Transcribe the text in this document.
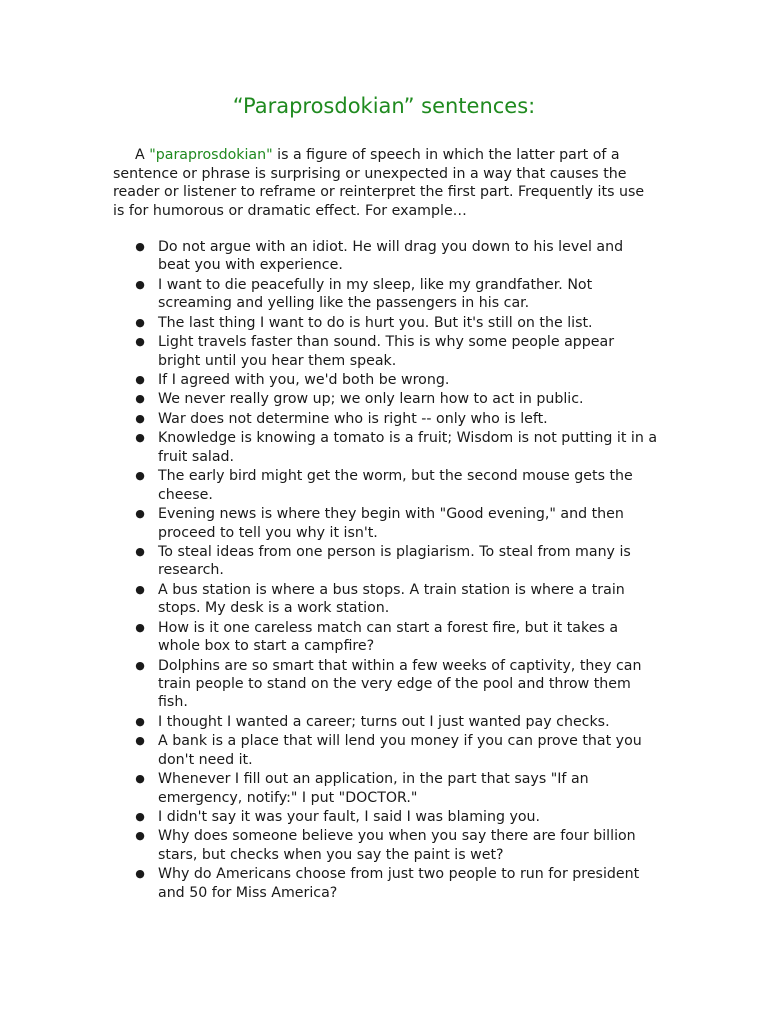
“Paraprosdokian” sentences:

A "paraprosdokian" is a figure of speech in which the latter part of a sentence or phrase is surprising or unexpected in a way that causes the reader or listener to reframe or reinterpret the first part. Frequently its use is for humorous or dramatic effect. For example…

● Do not argue with an idiot. He will drag you down to his level and beat you with experience.
● I want to die peacefully in my sleep, like my grandfather. Not screaming and yelling like the passengers in his car.
● The last thing I want to do is hurt you. But it's still on the list.
● Light travels faster than sound. This is why some people appear bright until you hear them speak.
● If I agreed with you, we'd both be wrong.
● We never really grow up; we only learn how to act in public.
● War does not determine who is right -- only who is left.
● Knowledge is knowing a tomato is a fruit; Wisdom is not putting it in a fruit salad.
● The early bird might get the worm, but the second mouse gets the cheese.
● Evening news is where they begin with "Good evening," and then proceed to tell you why it isn't.
● To steal ideas from one person is plagiarism. To steal from many is research.
● A bus station is where a bus stops. A train station is where a train stops. My desk is a work station.
● How is it one careless match can start a forest fire, but it takes a whole box to start a campfire?
● Dolphins are so smart that within a few weeks of captivity, they can train people to stand on the very edge of the pool and throw them fish.
● I thought I wanted a career; turns out I just wanted pay checks.
● A bank is a place that will lend you money if you can prove that you don't need it.
● Whenever I fill out an application, in the part that says "If an emergency, notify:" I put "DOCTOR."
● I didn't say it was your fault, I said I was blaming you.
● Why does someone believe you when you say there are four billion stars, but checks when you say the paint is wet?
● Why do Americans choose from just two people to run for president and 50 for Miss America?
